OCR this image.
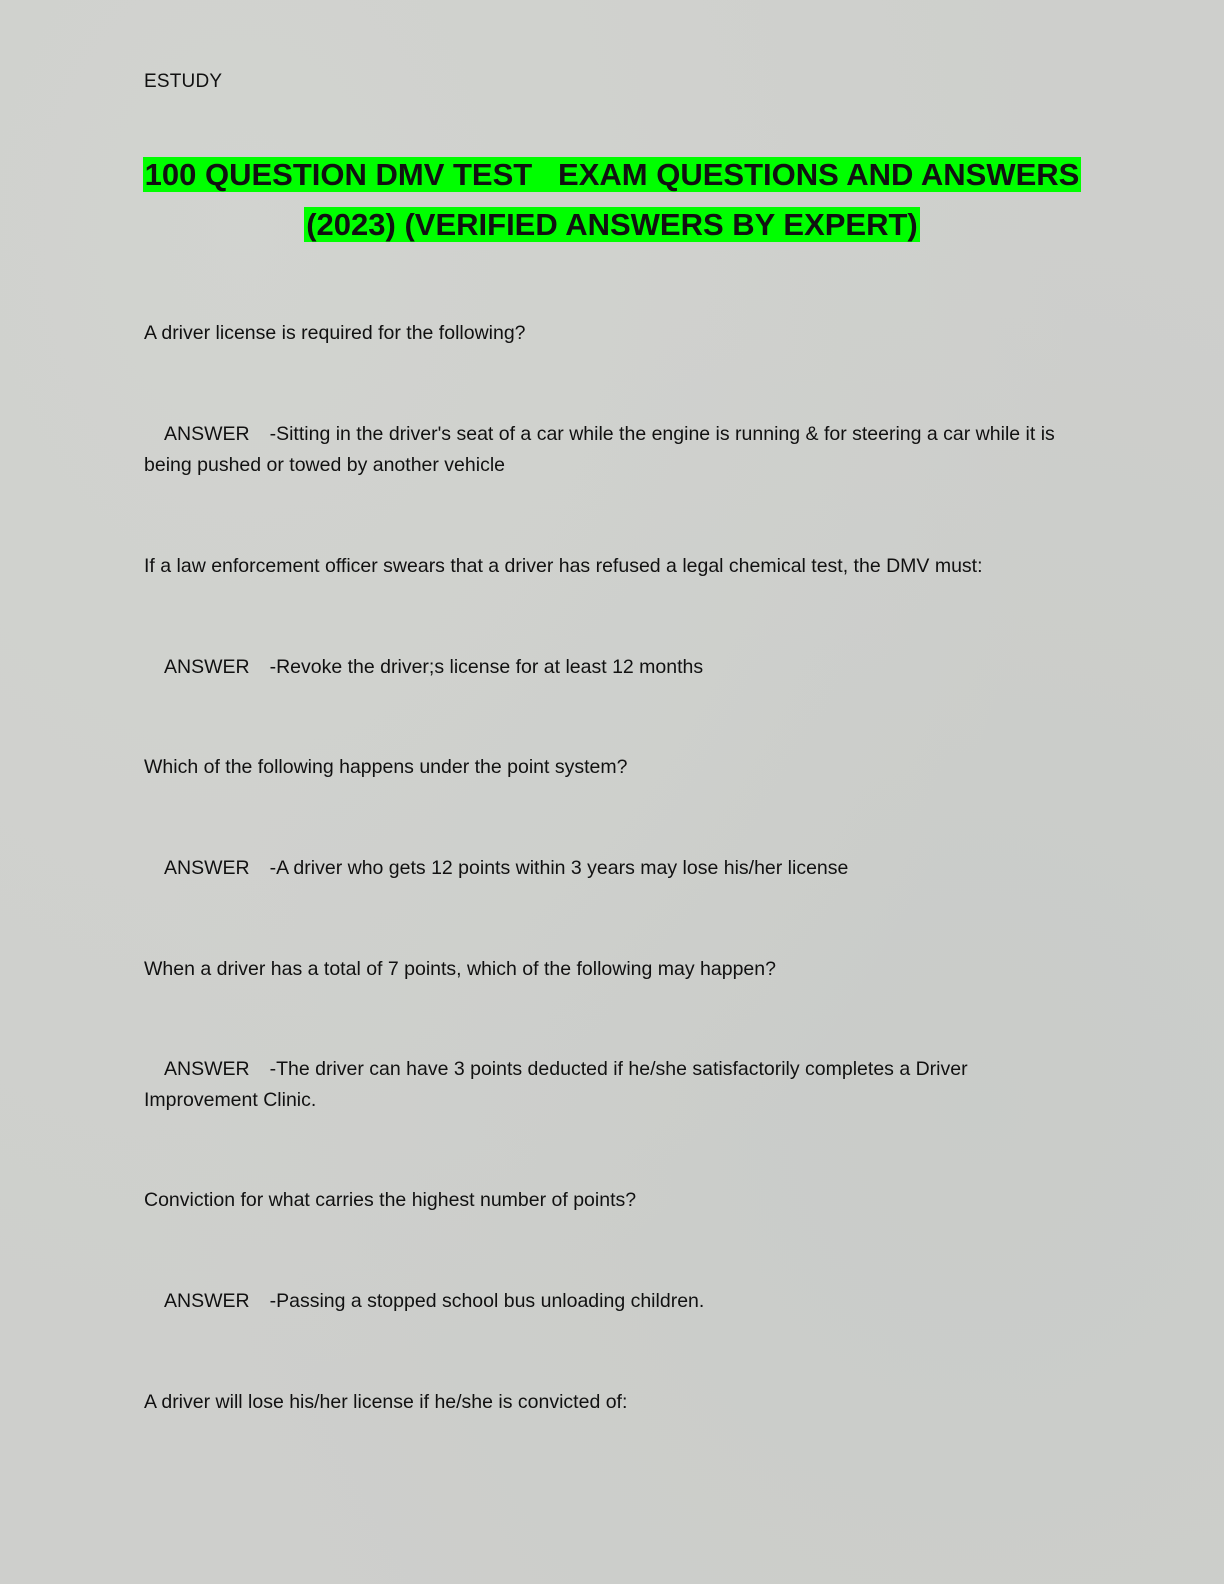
ESTUDY
100 QUESTION DMV TEST   EXAM QUESTIONS AND ANSWERS
(2023) (VERIFIED ANSWERS BY EXPERT)

A driver license is required for the following?

ANSWER -Sitting in the driver's seat of a car while the engine is running & for steering a car while it is being pushed or towed by another vehicle

If a law enforcement officer swears that a driver has refused a legal chemical test, the DMV must:

ANSWER -Revoke the driver;s license for at least 12 months

Which of the following happens under the point system?

ANSWER -A driver who gets 12 points within 3 years may lose his/her license

When a driver has a total of 7 points, which of the following may happen?

ANSWER -The driver can have 3 points deducted if he/she satisfactorily completes a Driver Improvement Clinic.

Conviction for what carries the highest number of points?

ANSWER -Passing a stopped school bus unloading children.

A driver will lose his/her license if he/she is convicted of:
